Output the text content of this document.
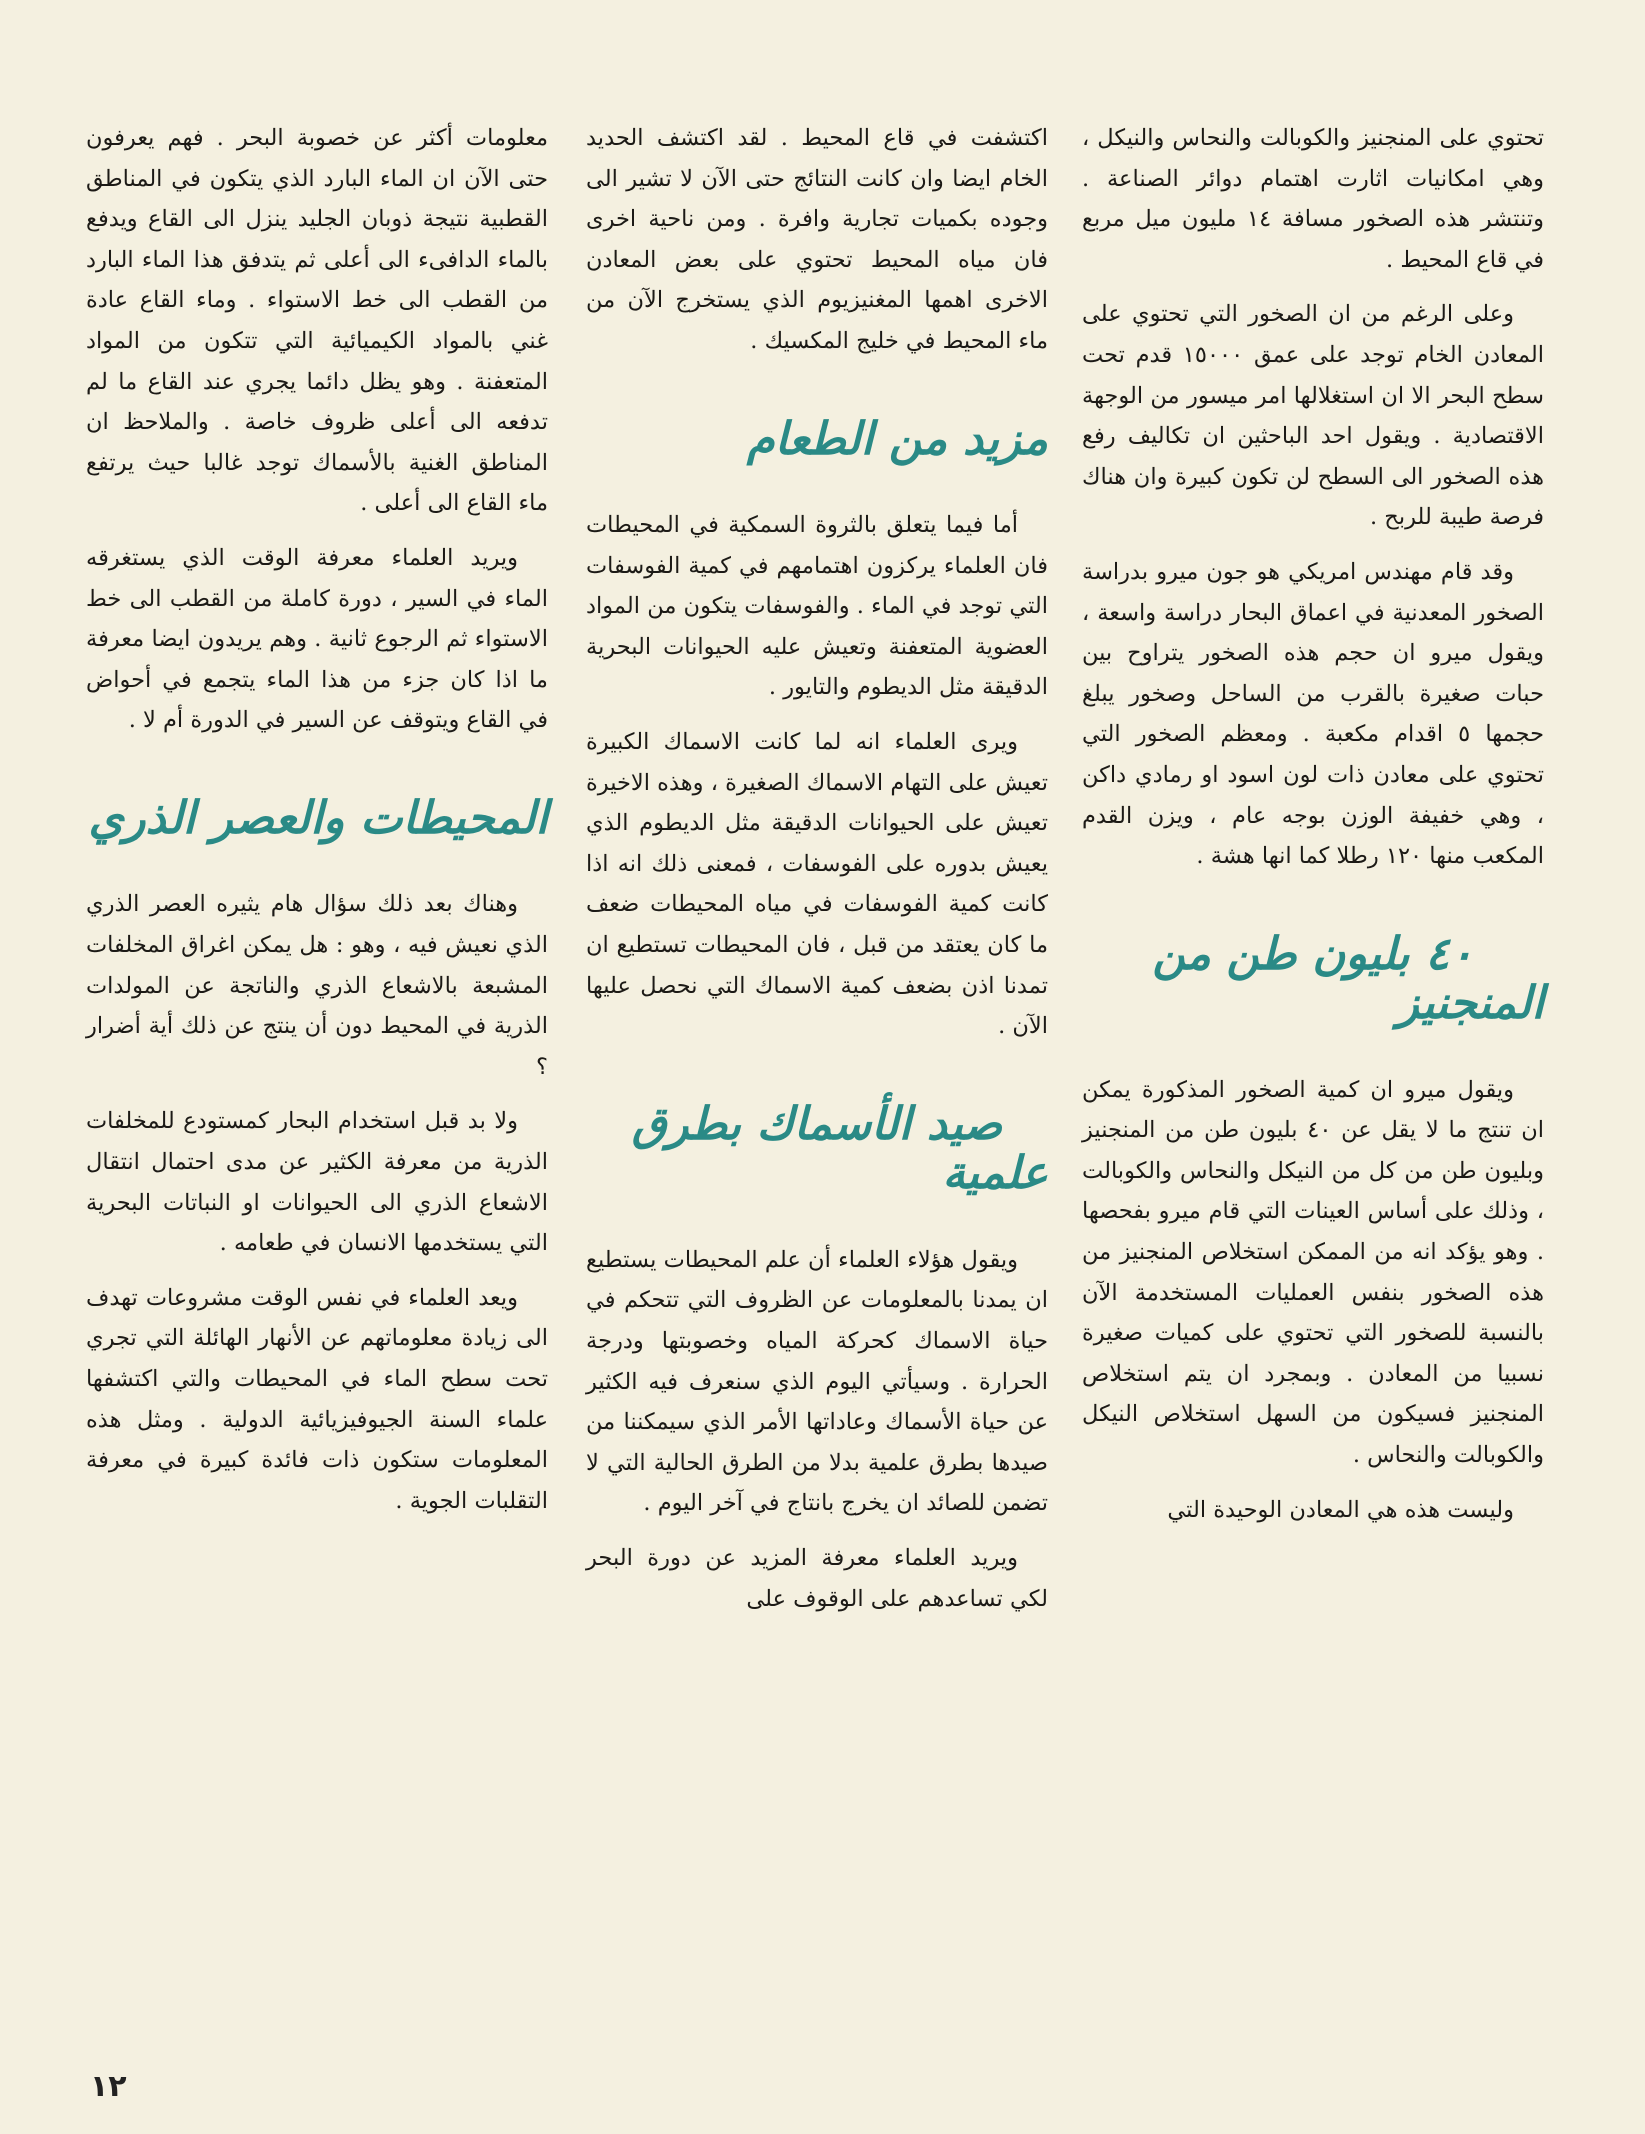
تحتوي على المنجنيز والكوبالت والنحاس والنيكل ، وهي امكانيات اثارت اهتمام دوائر الصناعة . وتنتشر هذه الصخور مسافة ١٤ مليون ميل مربع في قاع المحيط .

وعلى الرغم من ان الصخور التي تحتوي على المعادن الخام توجد على عمق ١٥٠٠٠ قدم تحت سطح البحر الا ان استغلالها امر ميسور من الوجهة الاقتصادية . ويقول احد الباحثين ان تكاليف رفع هذه الصخور الى السطح لن تكون كبيرة وان هناك فرصة طيبة للربح .

وقد قام مهندس امريكي هو جون ميرو بدراسة الصخور المعدنية في اعماق البحار دراسة واسعة ، ويقول ميرو ان حجم هذه الصخور يتراوح بين حبات صغيرة بالقرب من الساحل وصخور يبلغ حجمها ٥ اقدام مكعبة . ومعظم الصخور التي تحتوي على معادن ذات لون اسود او رمادي داكن ، وهي خفيفة الوزن بوجه عام ، ويزن القدم المكعب منها ١٢٠ رطلا كما انها هشة .

٤٠ بليون طن من المنجنيز

ويقول ميرو ان كمية الصخور المذكورة يمكن ان تنتج ما لا يقل عن ٤٠ بليون طن من المنجنيز وبليون طن من كل من النيكل والنحاس والكوبالت ، وذلك على أساس العينات التي قام ميرو بفحصها . وهو يؤكد انه من الممكن استخلاص المنجنيز من هذه الصخور بنفس العمليات المستخدمة الآن بالنسبة للصخور التي تحتوي على كميات صغيرة نسبيا من المعادن . وبمجرد ان يتم استخلاص المنجنيز فسيكون من السهل استخلاص النيكل والكوبالت والنحاس .

وليست هذه هي المعادن الوحيدة التي

اكتشفت في قاع المحيط . لقد اكتشف الحديد الخام ايضا وان كانت النتائج حتى الآن لا تشير الى وجوده بكميات تجارية وافرة . ومن ناحية اخرى فان مياه المحيط تحتوي على بعض المعادن الاخرى اهمها المغنيزيوم الذي يستخرج الآن من ماء المحيط في خليج المكسيك .

مزيد من الطعام

أما فيما يتعلق بالثروة السمكية في المحيطات فان العلماء يركزون اهتمامهم في كمية الفوسفات التي توجد في الماء . والفوسفات يتكون من المواد العضوية المتعفنة وتعيش عليه الحيوانات البحرية الدقيقة مثل الديطوم والتايور .

ويرى العلماء انه لما كانت الاسماك الكبيرة تعيش على التهام الاسماك الصغيرة ، وهذه الاخيرة تعيش على الحيوانات الدقيقة مثل الديطوم الذي يعيش بدوره على الفوسفات ، فمعنى ذلك انه اذا كانت كمية الفوسفات في مياه المحيطات ضعف ما كان يعتقد من قبل ، فان المحيطات تستطيع ان تمدنا اذن بضعف كمية الاسماك التي نحصل عليها الآن .

صيد الأسماك بطرق علمية

ويقول هؤلاء العلماء أن علم المحيطات يستطيع ان يمدنا بالمعلومات عن الظروف التي تتحكم في حياة الاسماك كحركة المياه وخصوبتها ودرجة الحرارة . وسيأتي اليوم الذي سنعرف فيه الكثير عن حياة الأسماك وعاداتها الأمر الذي سيمكننا من صيدها بطرق علمية بدلا من الطرق الحالية التي لا تضمن للصائد ان يخرج بانتاج في آخر اليوم .

ويريد العلماء معرفة المزيد عن دورة البحر لكي تساعدهم على الوقوف على

معلومات أكثر عن خصوبة البحر . فهم يعرفون حتى الآن ان الماء البارد الذي يتكون في المناطق القطبية نتيجة ذوبان الجليد ينزل الى القاع ويدفع بالماء الدافىء الى أعلى ثم يتدفق هذا الماء البارد من القطب الى خط الاستواء . وماء القاع عادة غني بالمواد الكيميائية التي تتكون من المواد المتعفنة . وهو يظل دائما يجري عند القاع ما لم تدفعه الى أعلى ظروف خاصة . والملاحظ ان المناطق الغنية بالأسماك توجد غالبا حيث يرتفع ماء القاع الى أعلى .

ويريد العلماء معرفة الوقت الذي يستغرقه الماء في السير ، دورة كاملة من القطب الى خط الاستواء ثم الرجوع ثانية . وهم يريدون ايضا معرفة ما اذا كان جزء من هذا الماء يتجمع في أحواض في القاع ويتوقف عن السير في الدورة أم لا .

المحيطات والعصر الذري

وهناك بعد ذلك سؤال هام يثيره العصر الذري الذي نعيش فيه ، وهو : هل يمكن اغراق المخلفات المشبعة بالاشعاع الذري والناتجة عن المولدات الذرية في المحيط دون أن ينتج عن ذلك أية أضرار ؟

ولا بد قبل استخدام البحار كمستودع للمخلفات الذرية من معرفة الكثير عن مدى احتمال انتقال الاشعاع الذري الى الحيوانات او النباتات البحرية التي يستخدمها الانسان في طعامه .

ويعد العلماء في نفس الوقت مشروعات تهدف الى زيادة معلوماتهم عن الأنهار الهائلة التي تجري تحت سطح الماء في المحيطات والتي اكتشفها علماء السنة الجيوفيزيائية الدولية . ومثل هذه المعلومات ستكون ذات فائدة كبيرة في معرفة التقلبات الجوية .

١٢
